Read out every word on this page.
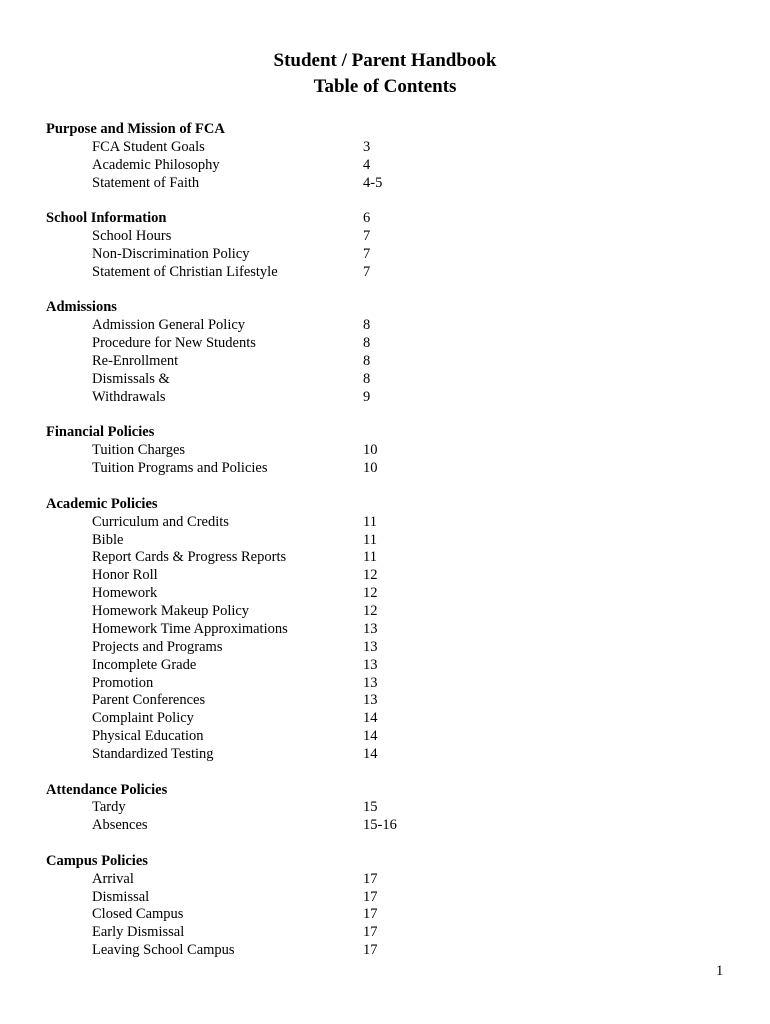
Student / Parent Handbook
Table of Contents
Purpose and Mission of FCA
FCA Student Goals	3
Academic Philosophy	4
Statement of Faith	4-5
School Information	6
School Hours	7
Non-Discrimination Policy	7
Statement of Christian Lifestyle	7
Admissions
Admission General Policy	8
Procedure for New Students	8
Re-Enrollment	8
Dismissals &	8
Withdrawals	9
Financial Policies
Tuition Charges	10
Tuition Programs and Policies	10
Academic Policies
Curriculum and Credits	11
Bible	11
Report Cards & Progress Reports	11
Honor Roll	12
Homework	12
Homework Makeup Policy	12
Homework Time Approximations	13
Projects and Programs	13
Incomplete Grade	13
Promotion	13
Parent Conferences	13
Complaint Policy	14
Physical Education	14
Standardized Testing	14
Attendance Policies
Tardy	15
Absences	15-16
Campus Policies
Arrival	17
Dismissal	17
Closed Campus	17
Early Dismissal	17
Leaving School Campus	17
1
